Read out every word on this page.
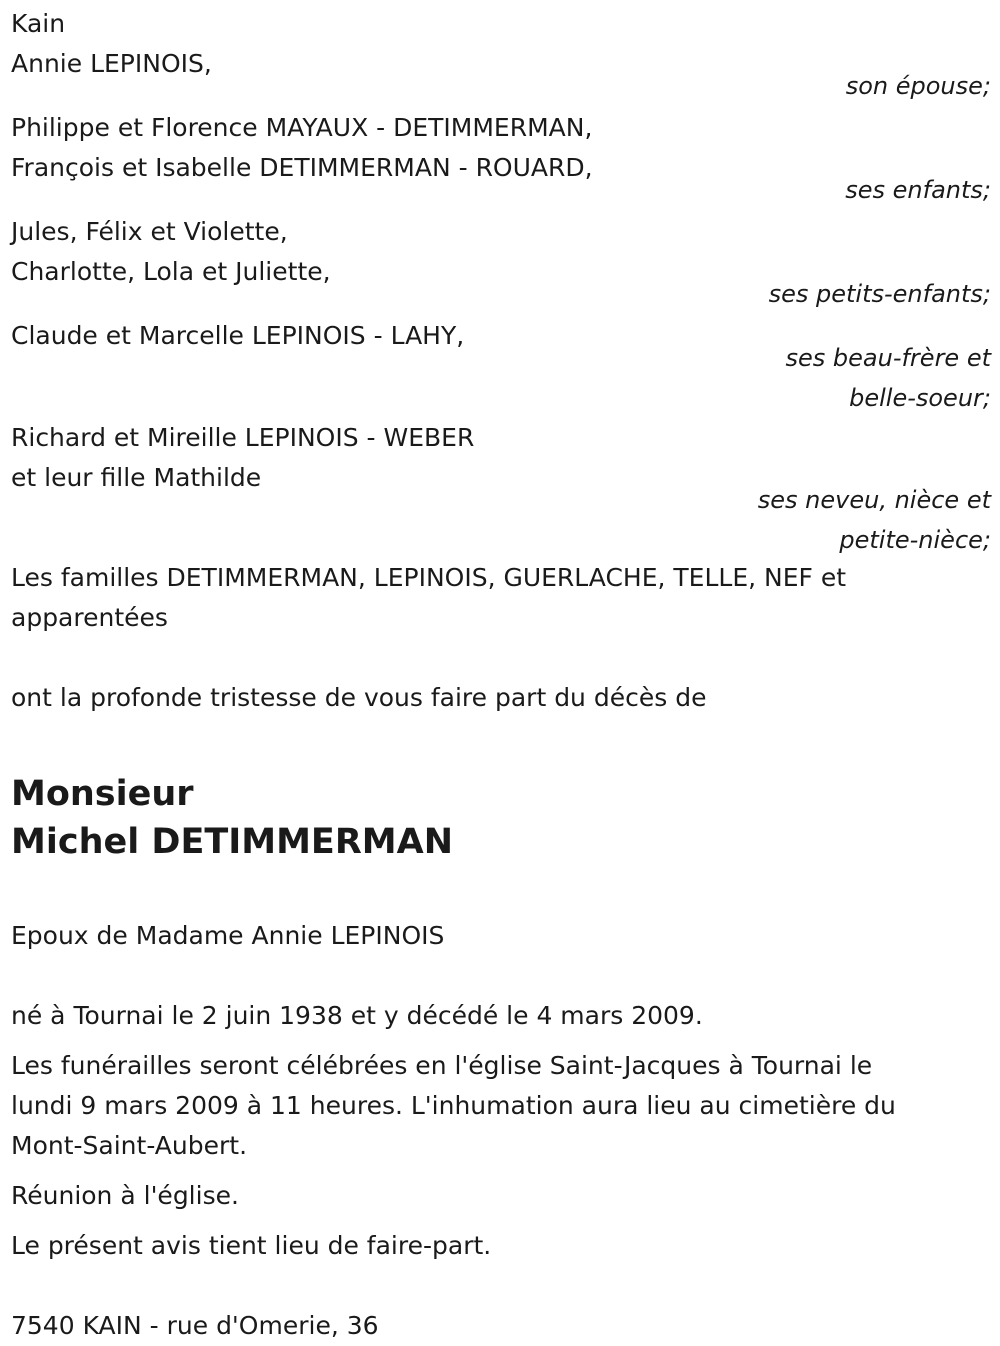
Kain
Annie LEPINOIS,
son épouse;
Philippe et Florence MAYAUX - DETIMMERMAN,
François et Isabelle DETIMMERMAN - ROUARD,
ses enfants;
Jules, Félix et Violette,
Charlotte, Lola et Juliette,
ses petits-enfants;
Claude et Marcelle LEPINOIS - LAHY,
ses beau-frère et
belle-soeur;
Richard et Mireille LEPINOIS - WEBER
et leur fille Mathilde
ses neveu, nièce et
petite-nièce;
Les familles DETIMMERMAN, LEPINOIS, GUERLACHE, TELLE, NEF et
apparentées
ont la profonde tristesse de vous faire part du décès de
Monsieur
Michel DETIMMERMAN
Epoux de Madame Annie LEPINOIS
né à Tournai le 2 juin 1938 et y décédé le 4 mars 2009.
Les funérailles seront célébrées en l'église Saint-Jacques à Tournai le
lundi 9 mars 2009 à 11 heures. L'inhumation aura lieu au cimetière du
Mont-Saint-Aubert.
Réunion à l'église.
Le présent avis tient lieu de faire-part.
7540 KAIN - rue d'Omerie, 36
